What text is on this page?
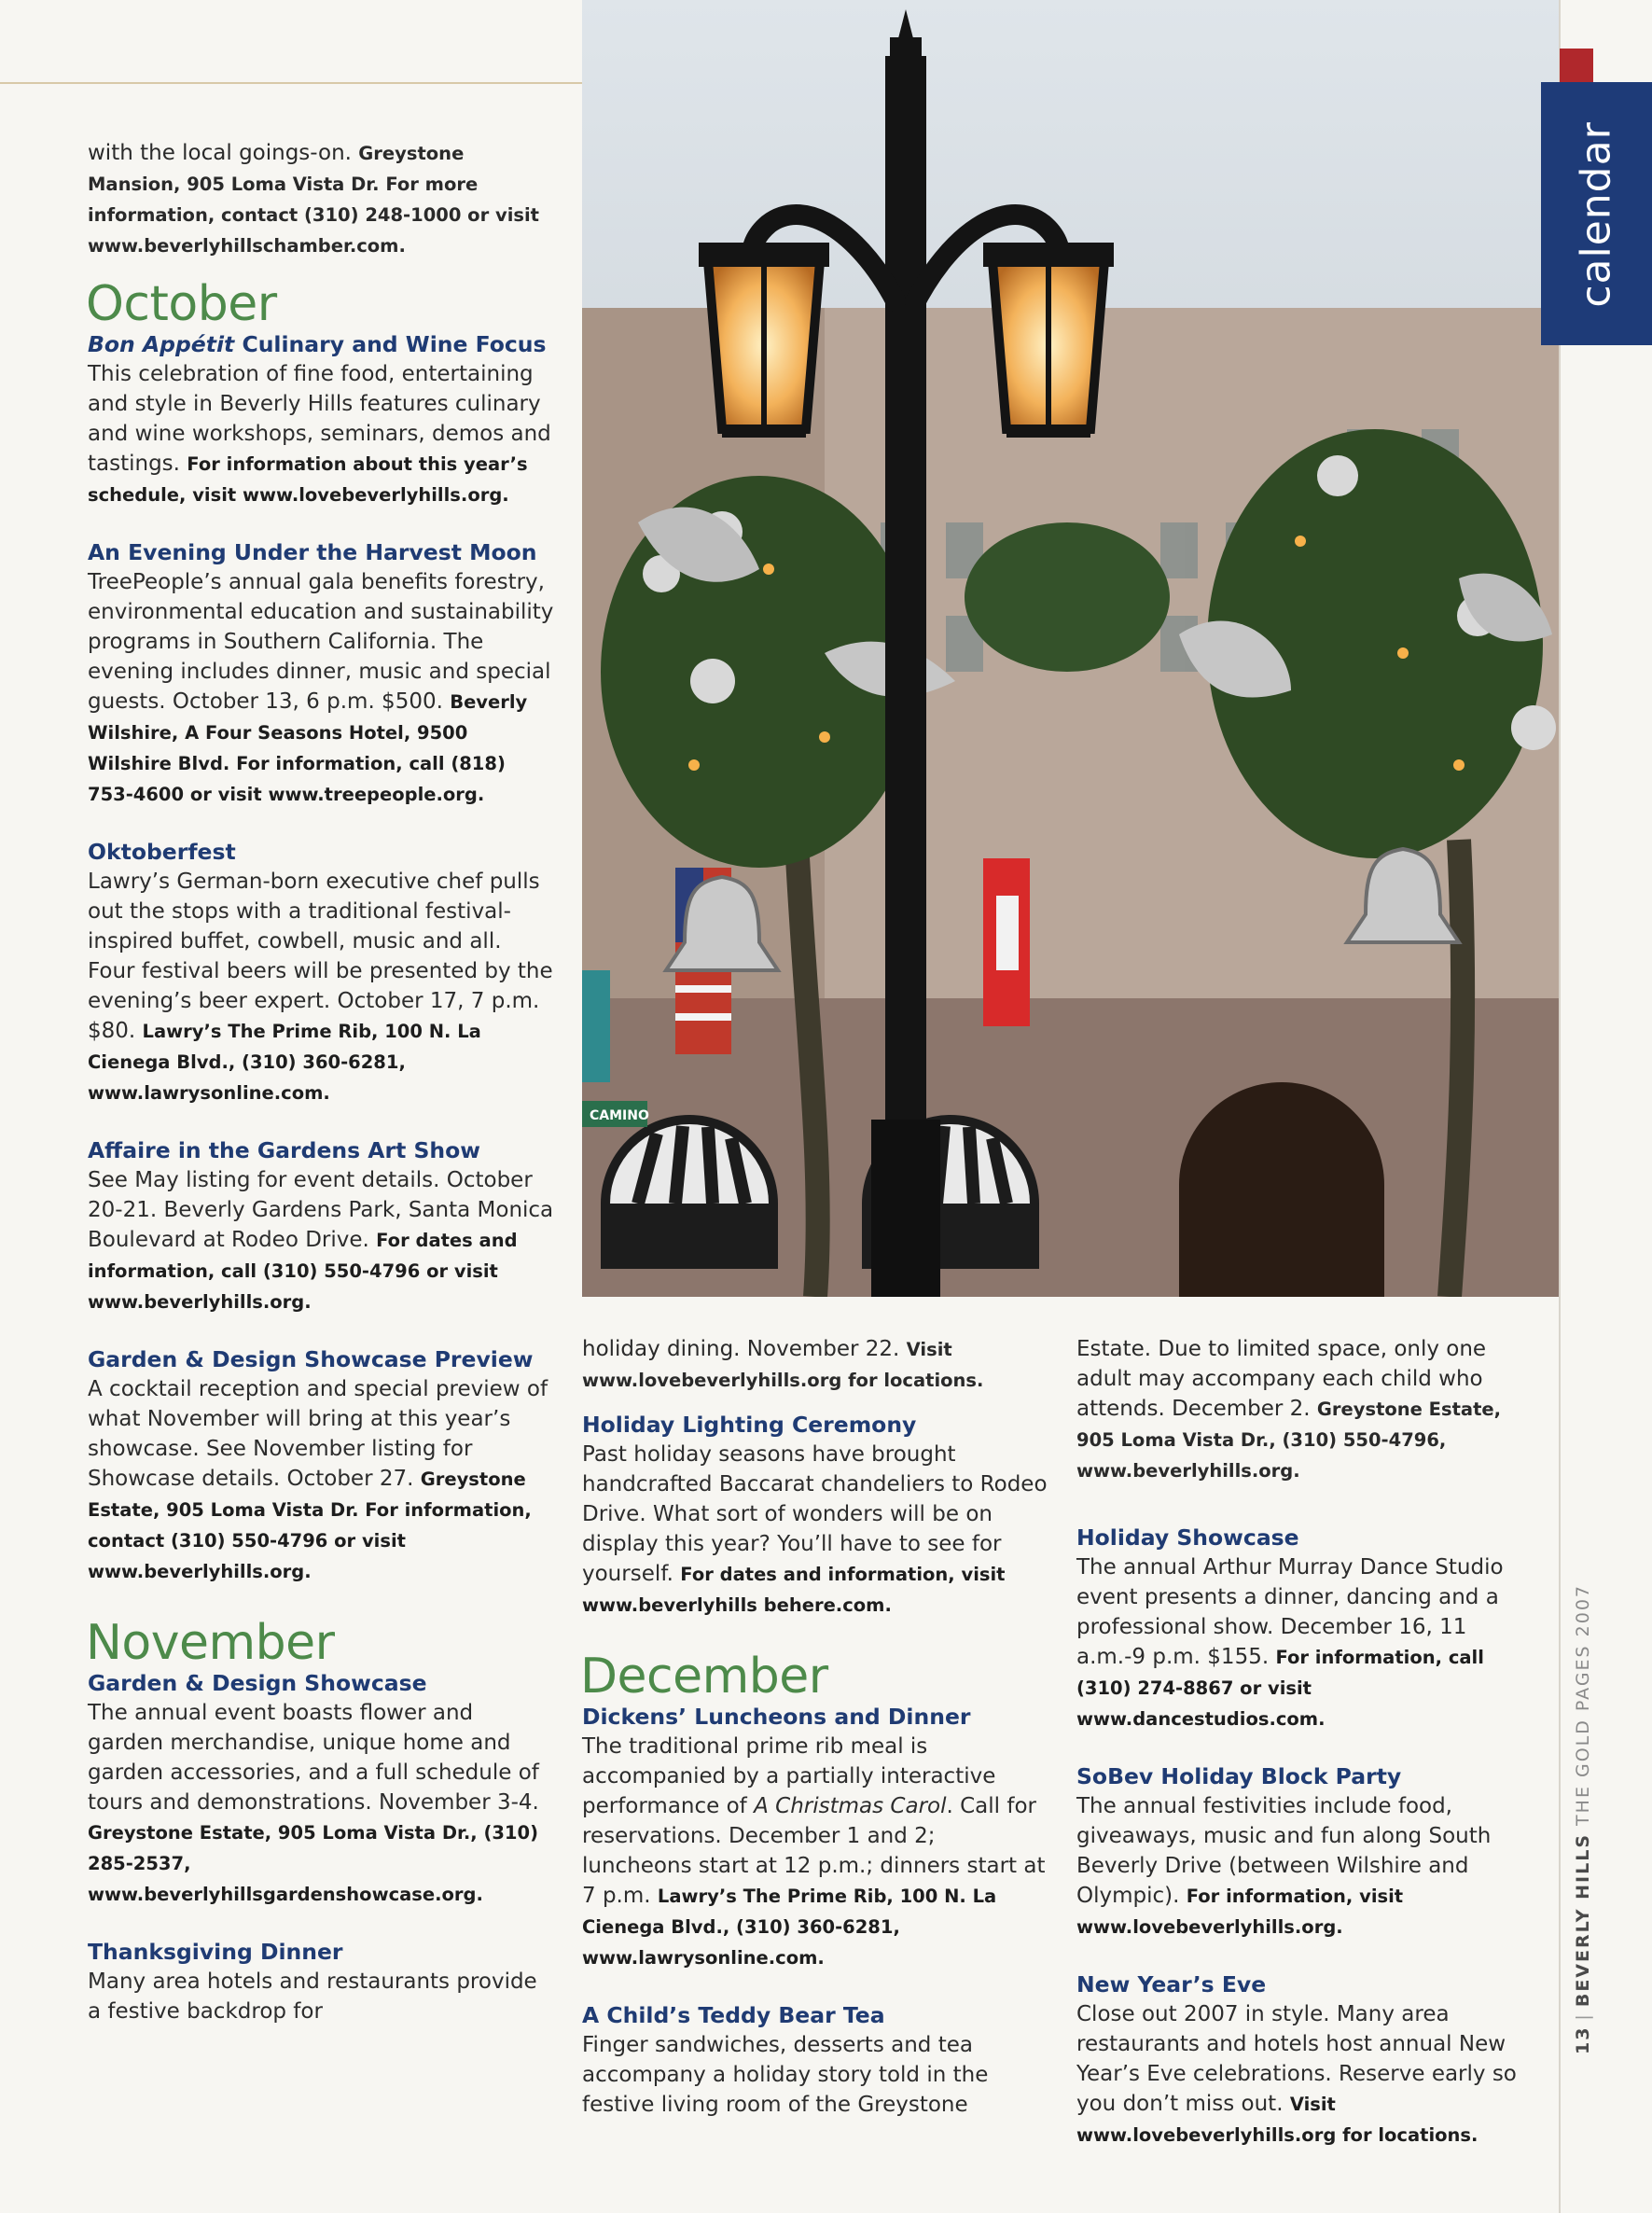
CAMINO
calendar
13|BEVERLY HILLS THE GOLD PAGES 2007
with the local goings-on. Greystone Mansion, 905 Loma Vista Dr. For more information, contact (310) 248-1000 or visit www.beverlyhillschamber.com.
October
Bon Appétit Culinary and Wine Focus
This celebration of fine food, entertaining and style in Beverly Hills features culinary and wine workshops, seminars, demos and tastings. For information about this year’s schedule, visit www.lovebeverlyhills.org.
An Evening Under the Harvest Moon
TreePeople’s annual gala benefits forestry, environmental education and sustainability programs in Southern California. The evening includes dinner, music and special guests. October 13, 6 p.m. $500. Beverly Wilshire, A Four Seasons Hotel, 9500 Wilshire Blvd. For information, call (818) 753-4600 or visit www.treepeople.org.
Oktoberfest
Lawry’s German-born executive chef pulls out the stops with a traditional festival-inspired buffet, cowbell, music and all. Four festival beers will be presented by the evening’s beer expert. October 17, 7 p.m. $80. Lawry’s The Prime Rib, 100 N. La Cienega Blvd., (310) 360-6281, www.lawrysonline.com.
Affaire in the Gardens Art Show
See May listing for event details. October 20-21. Beverly Gardens Park, Santa Monica Boulevard at Rodeo Drive. For dates and information, call (310) 550-4796 or visit www.beverlyhills.org.
Garden & Design Showcase Preview
A cocktail reception and special preview of what November will bring at this year’s showcase. See November listing for Showcase details. October 27. Greystone Estate, 905 Loma Vista Dr. For information, contact (310) 550-4796 or visit www.beverlyhills.org.
November
Garden & Design Showcase
The annual event boasts flower and garden merchandise, unique home and garden accessories, and a full schedule of tours and demonstrations. November 3-4. Greystone Estate, 905 Loma Vista Dr., (310) 285-2537, www.beverlyhillsgardenshowcase.org.
Thanksgiving Dinner
Many area hotels and restaurants provide a festive backdrop for
holiday dining. November 22. Visit www.lovebeverlyhills.org for locations.
Holiday Lighting Ceremony
Past holiday seasons have brought handcrafted Baccarat chandeliers to Rodeo Drive. What sort of wonders will be on display this year? You’ll have to see for yourself. For dates and information, visit www.beverlyhills behere.com.
December
Dickens’ Luncheons and Dinner
The traditional prime rib meal is accompanied by a partially interactive performance of A Christmas Carol. Call for reservations. December 1 and 2; luncheons start at 12 p.m.; dinners start at 7 p.m. Lawry’s The Prime Rib, 100 N. La Cienega Blvd., (310) 360-6281, www.lawrysonline.com.
A Child’s Teddy Bear Tea
Finger sandwiches, desserts and tea accompany a holiday story told in the festive living room of the Greystone
Estate. Due to limited space, only one adult may accompany each child who attends. December 2. Greystone Estate, 905 Loma Vista Dr., (310) 550-4796, www.beverlyhills.org.
Holiday Showcase
The annual Arthur Murray Dance Studio event presents a dinner, dancing and a professional show. December 16, 11 a.m.-9 p.m. $155. For information, call (310) 274-8867 or visit www.dancestudios.com.
SoBev Holiday Block Party
The annual festivities include food, giveaways, music and fun along South Beverly Drive (between Wilshire and Olympic). For information, visit www.lovebeverlyhills.org.
New Year’s Eve
Close out 2007 in style. Many area restaurants and hotels host annual New Year’s Eve celebrations. Reserve early so you don’t miss out. Visit www.lovebeverlyhills.org for locations.
